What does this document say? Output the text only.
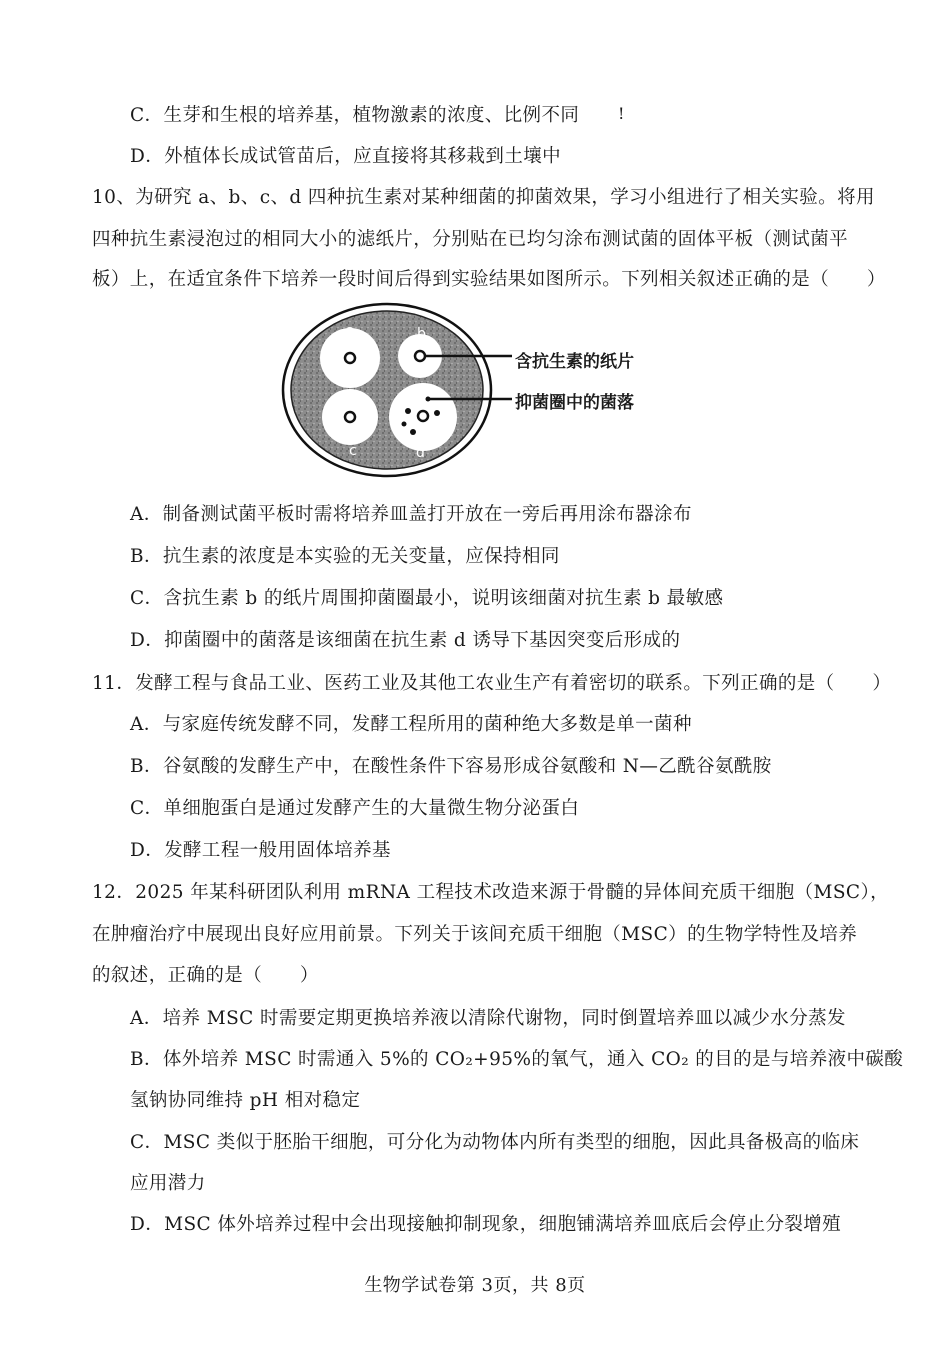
C．生芽和生根的培养基，植物激素的浓度、比例不同 !
D．外植体长成试管苗后，应直接将其移栽到土壤中
10、为研究 a、b、c、d 四种抗生素对某种细菌的抑菌效果，学习小组进行了相关实验。将用
四种抗生素浸泡过的相同大小的滤纸片，分别贴在已均匀涂布测试菌的固体平板（测试菌平
板）上，在适宜条件下培养一段时间后得到实验结果如图所示。下列相关叙述正确的是（　　）
a	b
c	d
含抗生素的纸片
抑菌圈中的菌落
A．制备测试菌平板时需将培养皿盖打开放在一旁后再用涂布器涂布
B．抗生素的浓度是本实验的无关变量，应保持相同
C．含抗生素 b 的纸片周围抑菌圈最小，说明该细菌对抗生素 b 最敏感
D．抑菌圈中的菌落是该细菌在抗生素 d 诱导下基因突变后形成的
11．发酵工程与食品工业、医药工业及其他工农业生产有着密切的联系。下列正确的是（　　）
A．与家庭传统发酵不同，发酵工程所用的菌种绝大多数是单一菌种
B．谷氨酸的发酵生产中，在酸性条件下容易形成谷氨酸和 N—乙酰谷氨酰胺
C．单细胞蛋白是通过发酵产生的大量微生物分泌蛋白
D．发酵工程一般用固体培养基
12．2025 年某科研团队利用 mRNA 工程技术改造来源于骨髓的异体间充质干细胞（MSC），
在肿瘤治疗中展现出良好应用前景。下列关于该间充质干细胞（MSC）的生物学特性及培养
的叙述，正确的是（　　）
A．培养 MSC 时需要定期更换培养液以清除代谢物，同时倒置培养皿以减少水分蒸发
B．体外培养 MSC 时需通入 5%的 CO₂+95%的氧气，通入 CO₂ 的目的是与培养液中碳酸
氢钠协同维持 pH 相对稳定
C．MSC 类似于胚胎干细胞，可分化为动物体内所有类型的细胞，因此具备极高的临床
应用潜力
D．MSC 体外培养过程中会出现接触抑制现象，细胞铺满培养皿底后会停止分裂增殖
生物学试卷第 3页，共 8页
